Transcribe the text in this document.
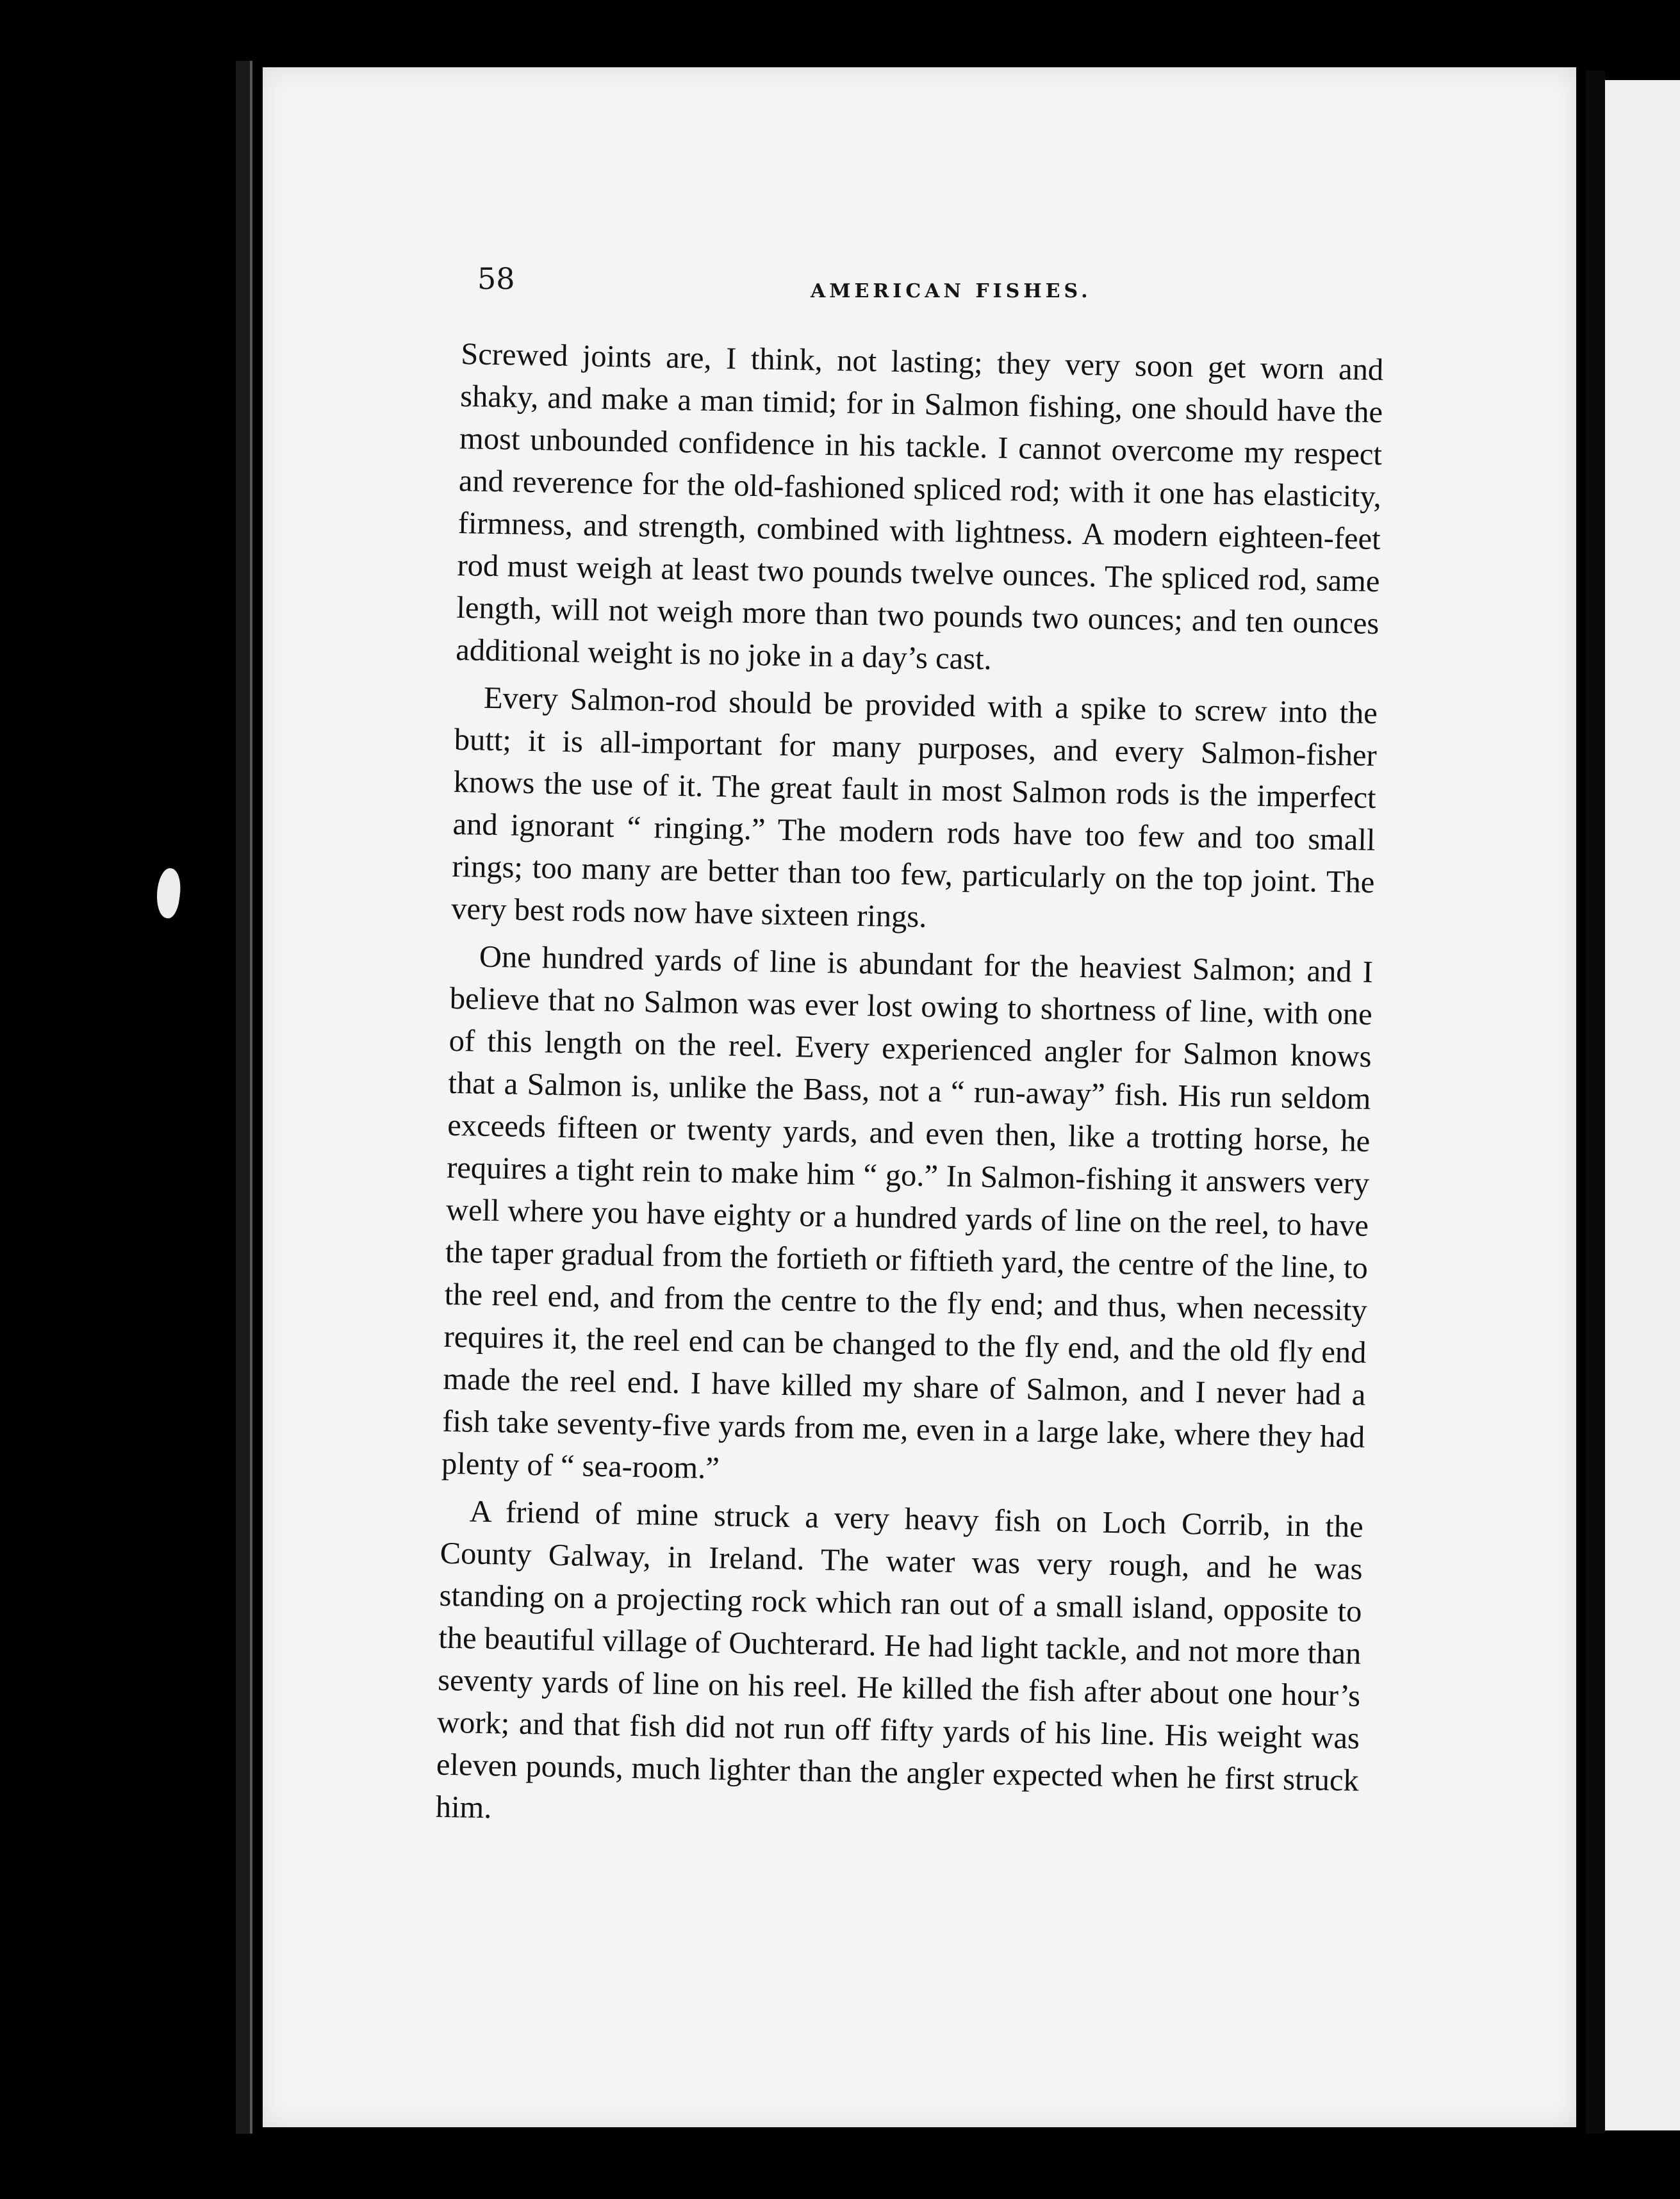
58	AMERICAN FISHES.

Screwed joints are, I think, not lasting; they very soon get worn and shaky, and make a man timid; for in Salmon fishing, one should have the most unbounded confidence in his tackle. I cannot overcome my respect and reverence for the old-fashioned spliced rod; with it one has elasticity, firmness, and strength, combined with lightness. A modern eighteen-feet rod must weigh at least two pounds twelve ounces. The spliced rod, same length, will not weigh more than two pounds two ounces; and ten ounces additional weight is no joke in a day’s cast.

Every Salmon-rod should be provided with a spike to screw into the butt; it is all-important for many purposes, and every Salmon-fisher knows the use of it. The great fault in most Salmon rods is the imperfect and ignorant “ ringing.” The modern rods have too few and too small rings; too many are better than too few, particularly on the top joint. The very best rods now have sixteen rings.

One hundred yards of line is abundant for the heaviest Salmon; and I believe that no Salmon was ever lost owing to shortness of line, with one of this length on the reel. Every experienced angler for Salmon knows that a Salmon is, unlike the Bass, not a “ run-away” fish. His run seldom exceeds fifteen or twenty yards, and even then, like a trotting horse, he requires a tight rein to make him “ go.” In Salmon-fishing it answers very well where you have eighty or a hundred yards of line on the reel, to have the taper gradual from the fortieth or fiftieth yard, the centre of the line, to the reel end, and from the centre to the fly end; and thus, when necessity requires it, the reel end can be changed to the fly end, and the old fly end made the reel end. I have killed my share of Salmon, and I never had a fish take seventy-five yards from me, even in a large lake, where they had plenty of “ sea-room.”

A friend of mine struck a very heavy fish on Loch Corrib, in the County Galway, in Ireland. The water was very rough, and he was standing on a projecting rock which ran out of a small island, opposite to the beautiful village of Ouchterard. He had light tackle, and not more than seventy yards of line on his reel. He killed the fish after about one hour’s work; and that fish did not run off fifty yards of his line. His weight was eleven pounds, much lighter than the angler expected when he first struck him.
